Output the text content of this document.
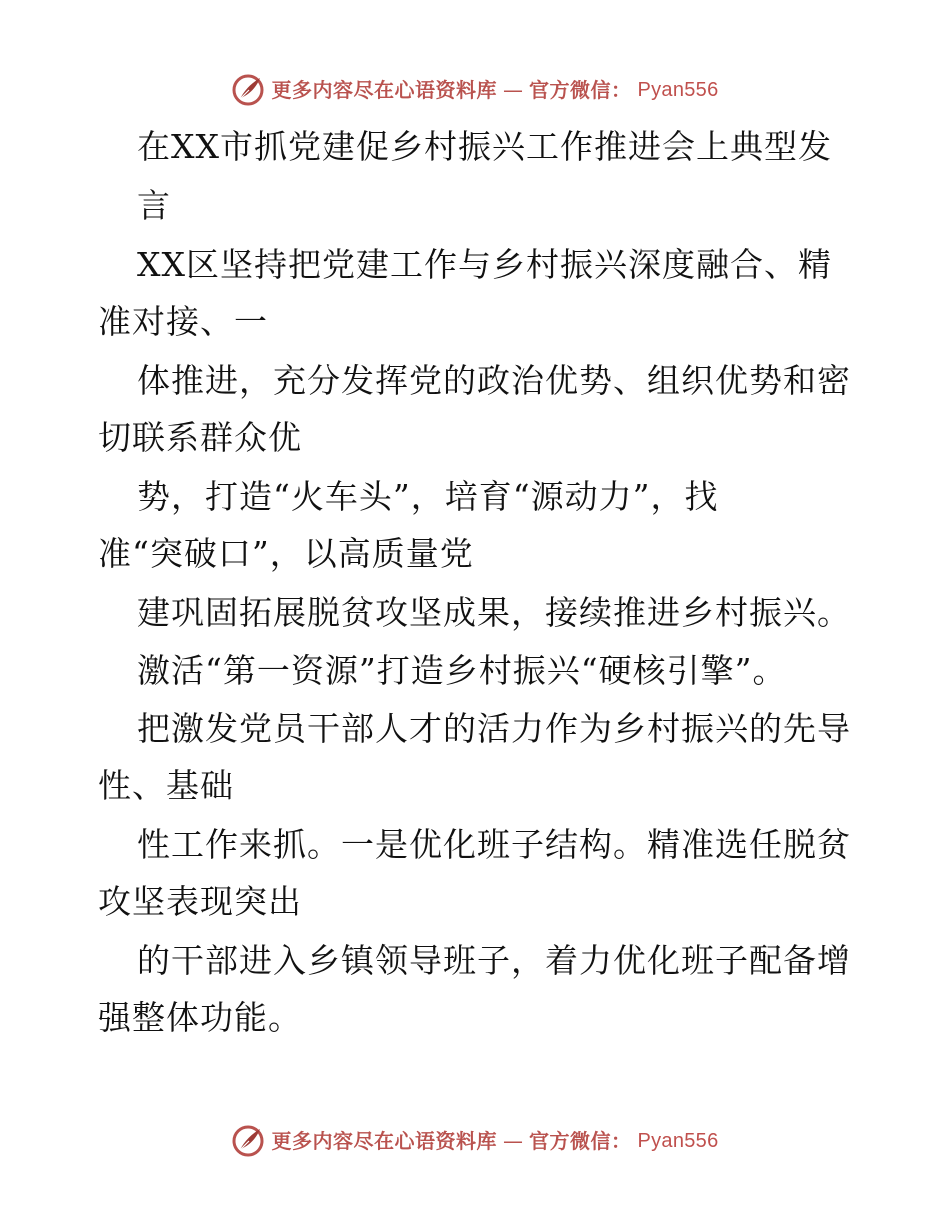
更多内容尽在心语资料库 — 官方微信： Pyan556
在XX市抓党建促乡村振兴工作推进会上典型发
言
XX区坚持把党建工作与乡村振兴深度融合、精
准对接、一
体推进，充分发挥党的政治优势、组织优势和密
切联系群众优
势，打造“火车头”，培育“源动力”，找
准“突破口”，以高质量党
建巩固拓展脱贫攻坚成果，接续推进乡村振兴。
激活“第一资源”打造乡村振兴“硬核引擎”。
把激发党员干部人才的活力作为乡村振兴的先导
性、基础
性工作来抓。一是优化班子结构。精准选任脱贫
攻坚表现突出
的干部进入乡镇领导班子，着力优化班子配备增
强整体功能。
更多内容尽在心语资料库 — 官方微信： Pyan556
